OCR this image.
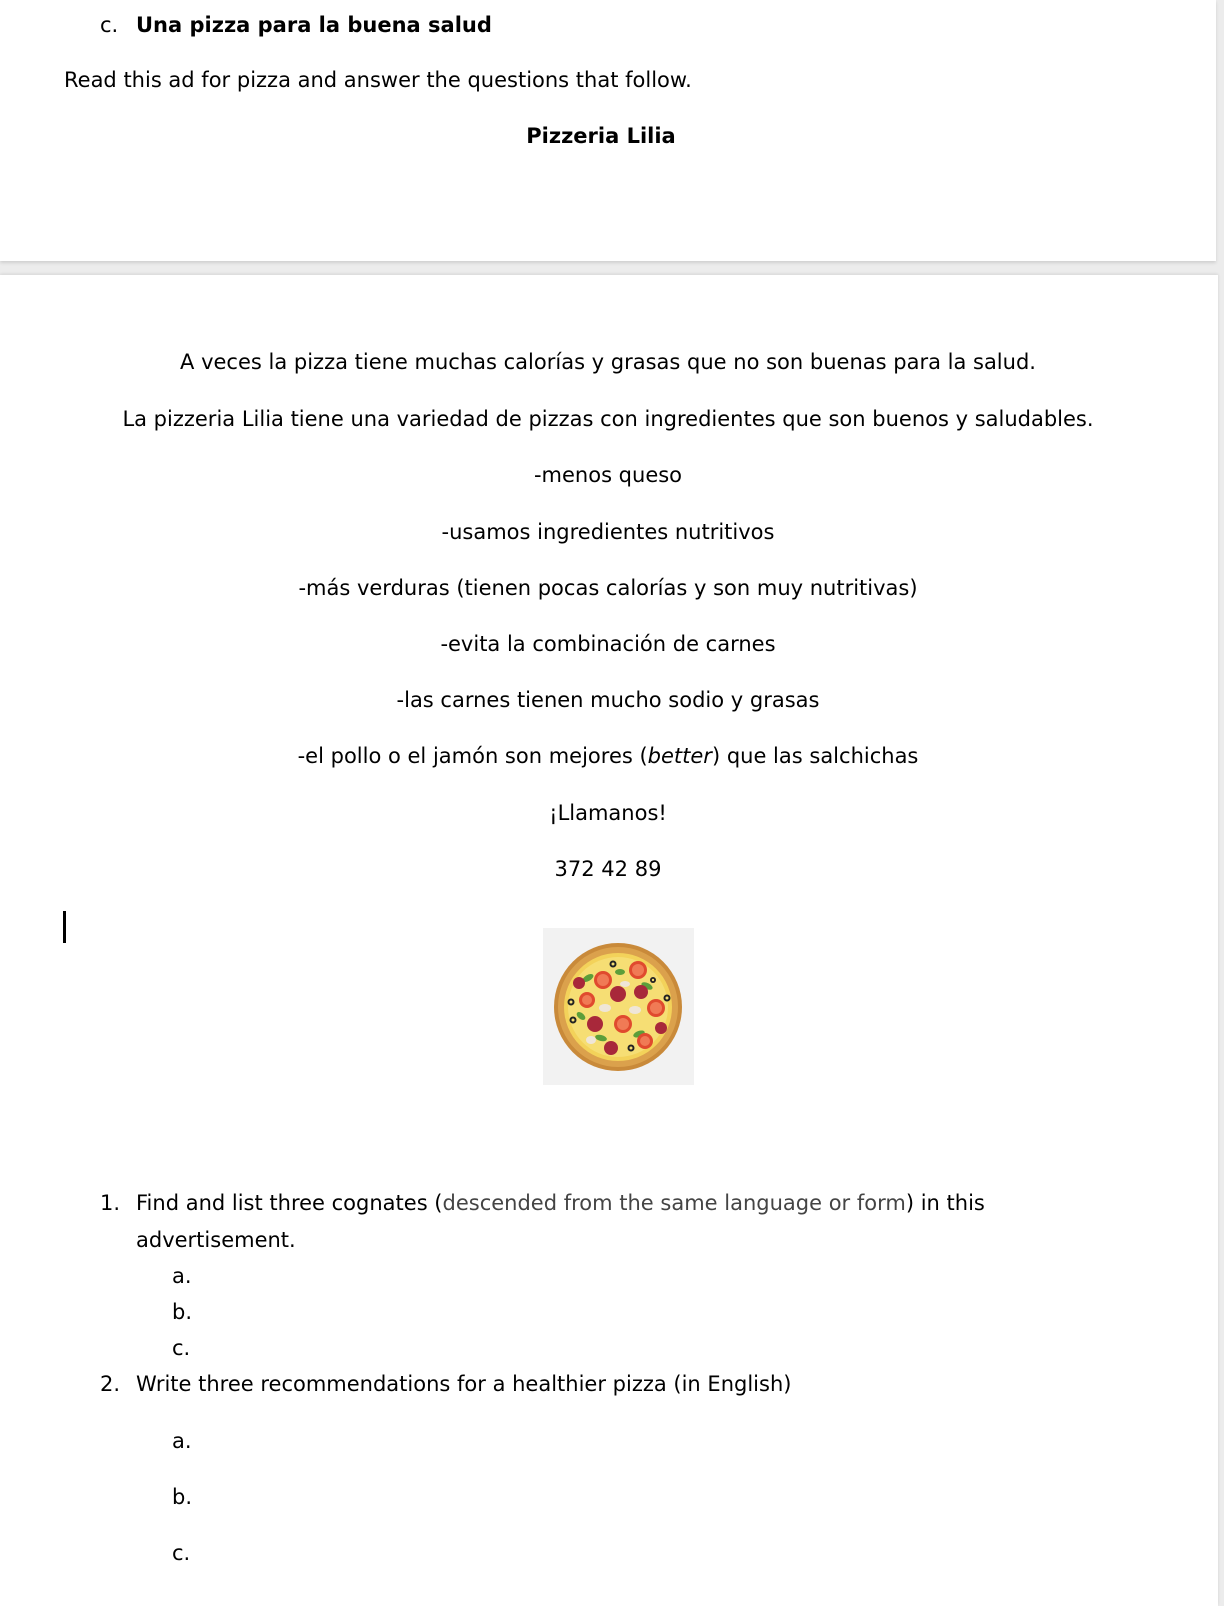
c. Una pizza para la buena salud
Read this ad for pizza and answer the questions that follow.
Pizzeria Lilia
A veces la pizza tiene muchas calorías y grasas que no son buenas para la salud.
La pizzeria Lilia tiene una variedad de pizzas con ingredientes que son buenos y saludables.
-menos queso
-usamos ingredientes nutritivos
-más verduras (tienen pocas calorías y son muy nutritivas)
-evita la combinación de carnes
-las carnes tienen mucho sodio y grasas
-el pollo o el jamón son mejores (better) que las salchichas
¡Llamanos!
372 42 89
1. Find and list three cognates (descended from the same language or form) in this
advertisement.
a.
b.
c.
2. Write three recommendations for a healthier pizza (in English)
a.
b.
c.
